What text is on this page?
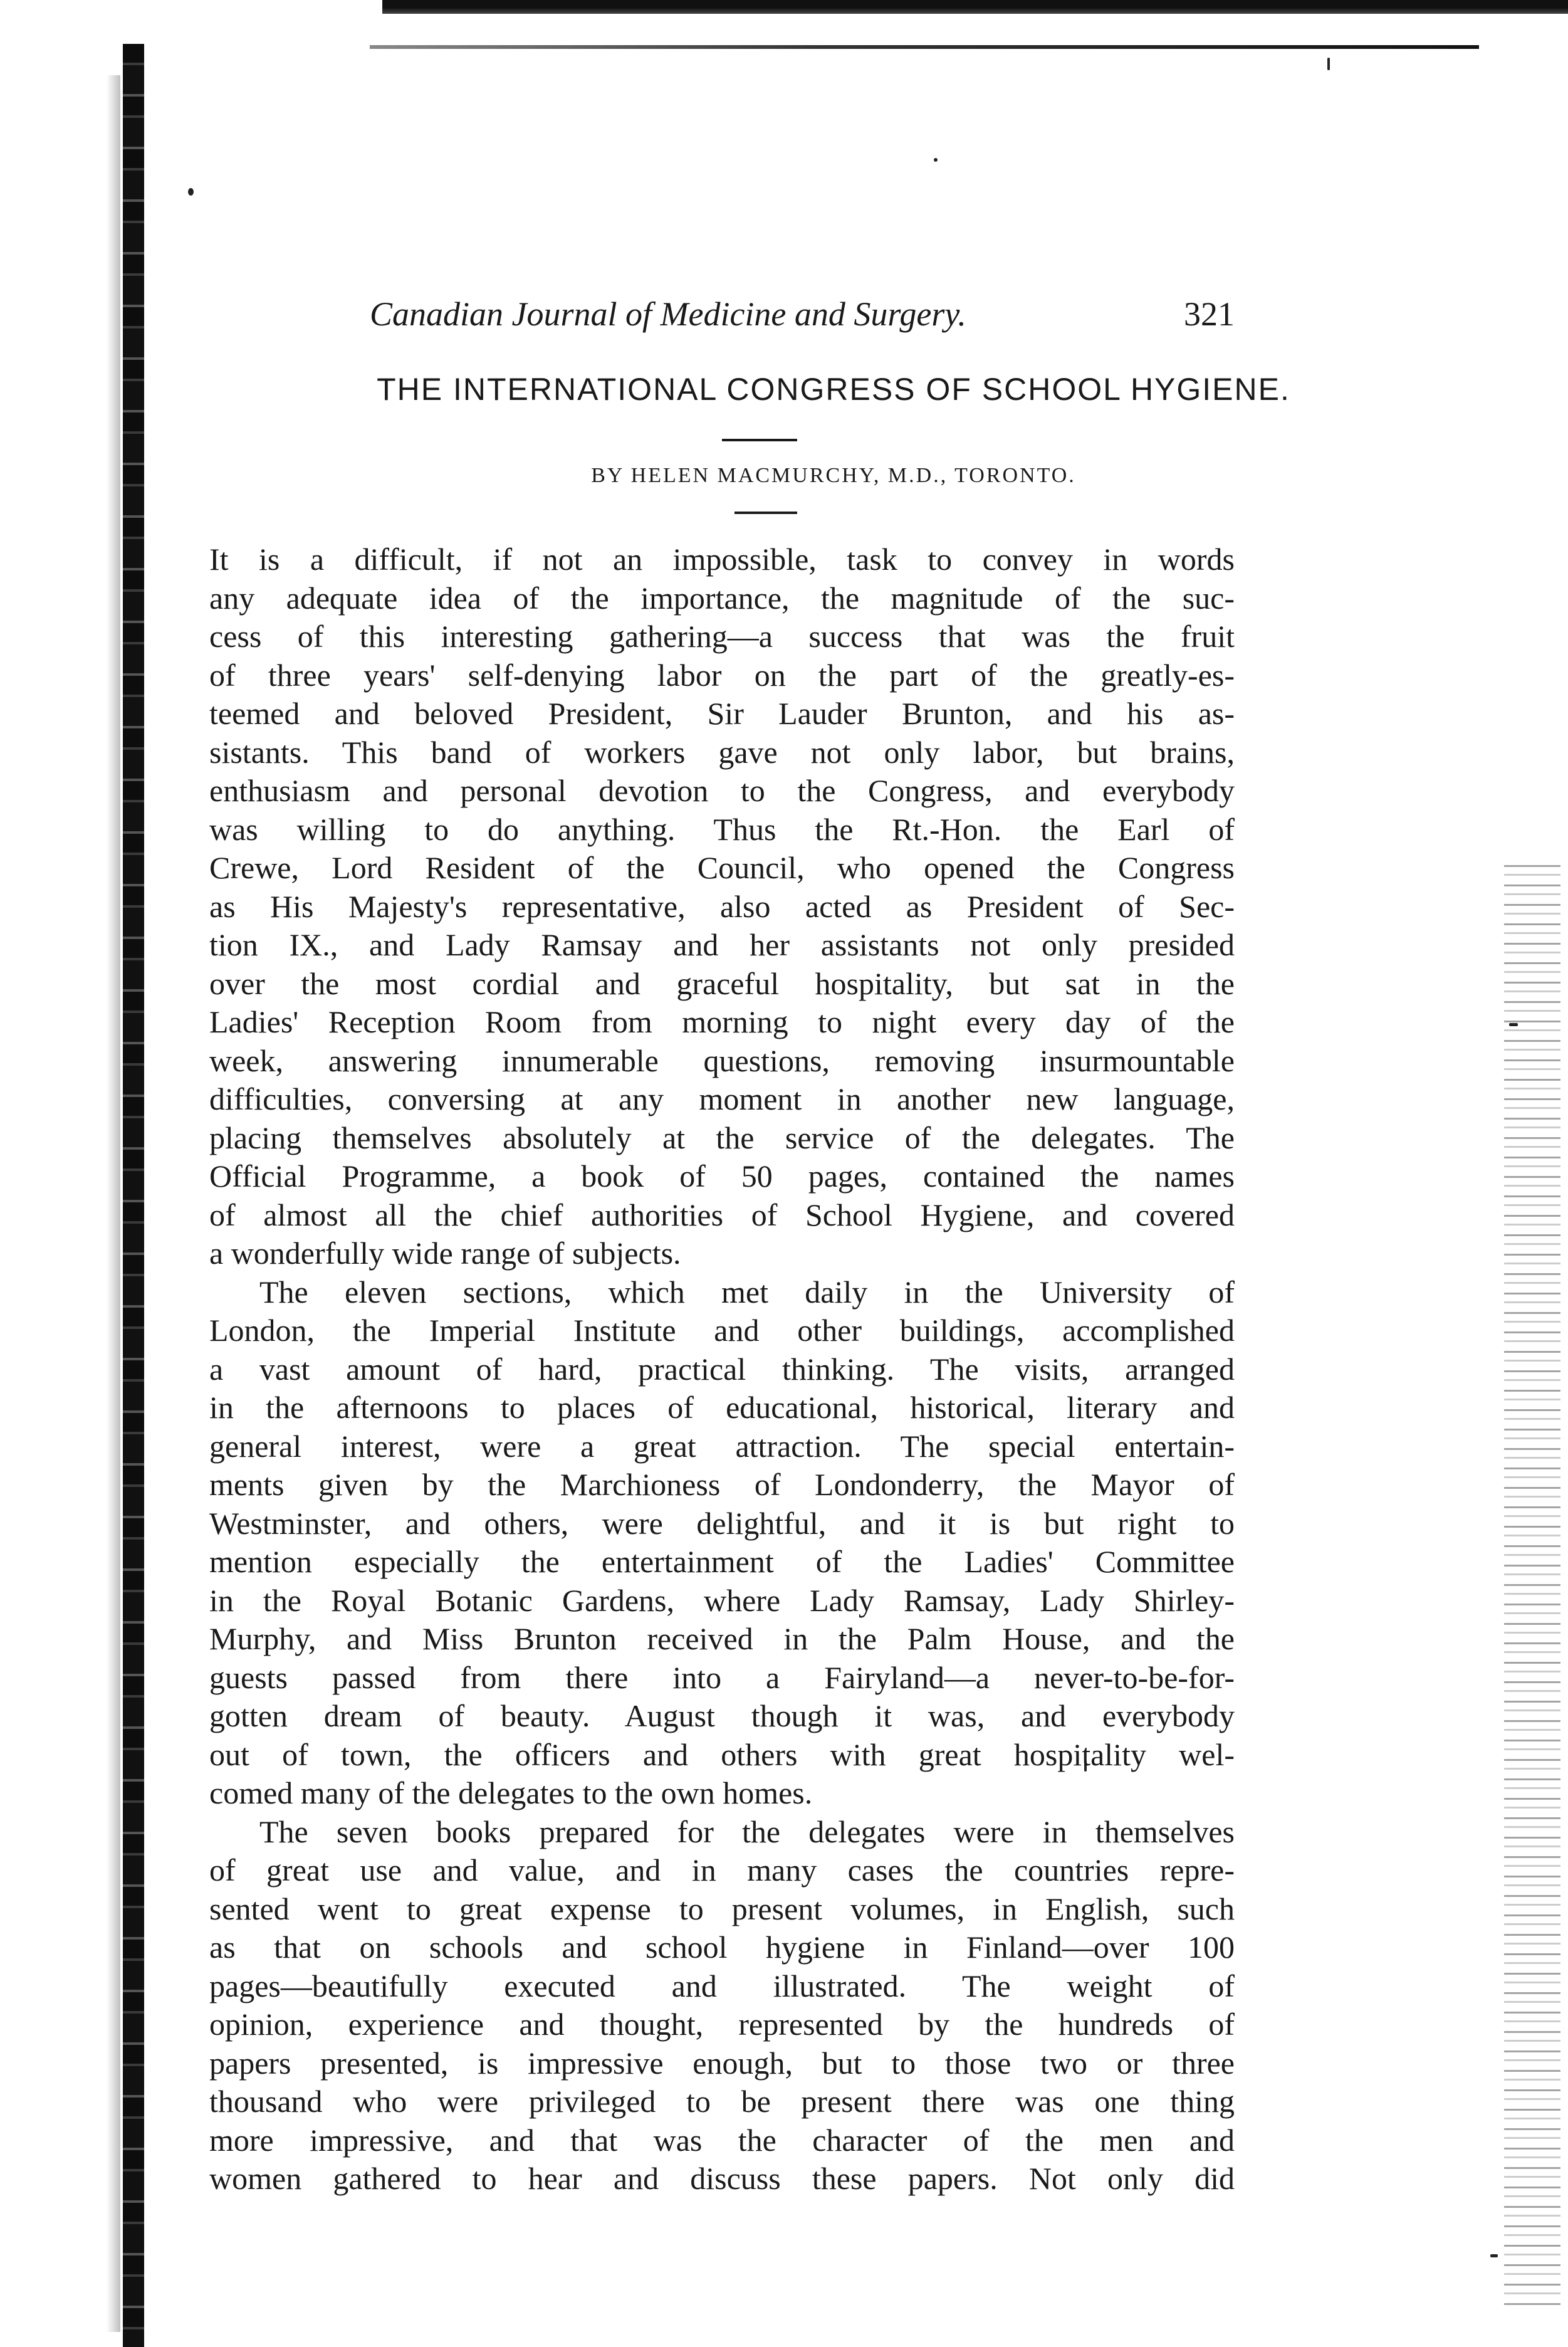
Canadian Journal of Medicine and Surgery.	321
THE INTERNATIONAL CONGRESS OF SCHOOL HYGIENE.
BY HELEN MACMURCHY, M.D., TORONTO.
It is a difficult, if not an impossible, task to convey in words
any adequate idea of the importance, the magnitude of the suc-
cess of this interesting gathering—a success that was the fruit
of three years' self-denying labor on the part of the greatly-es-
teemed and beloved President, Sir Lauder Brunton, and his as-
sistants. This band of workers gave not only labor, but brains,
enthusiasm and personal devotion to the Congress, and everybody
was willing to do anything. Thus the Rt.-Hon. the Earl of
Crewe, Lord Resident of the Council, who opened the Congress
as His Majesty's representative, also acted as President of Sec-
tion IX., and Lady Ramsay and her assistants not only presided
over the most cordial and graceful hospitality, but sat in the
Ladies' Reception Room from morning to night every day of the
week, answering innumerable questions, removing insurmountable
difficulties, conversing at any moment in another new language,
placing themselves absolutely at the service of the delegates. The
Official Programme, a book of 50 pages, contained the names
of almost all the chief authorities of School Hygiene, and covered
a wonderfully wide range of subjects.
The eleven sections, which met daily in the University of
London, the Imperial Institute and other buildings, accomplished
a vast amount of hard, practical thinking. The visits, arranged
in the afternoons to places of educational, historical, literary and
general interest, were a great attraction. The special entertain-
ments given by the Marchioness of Londonderry, the Mayor of
Westminster, and others, were delightful, and it is but right to
mention especially the entertainment of the Ladies' Committee
in the Royal Botanic Gardens, where Lady Ramsay, Lady Shirley-
Murphy, and Miss Brunton received in the Palm House, and the
guests passed from there into a Fairyland—a never-to-be-for-
gotten dream of beauty. August though it was, and everybody
out of town, the officers and others with great hospitality wel-
comed many of the delegates to the own homes.
The seven books prepared for the delegates were in themselves
of great use and value, and in many cases the countries repre-
sented went to great expense to present volumes, in English, such
as that on schools and school hygiene in Finland—over 100
pages—beautifully executed and illustrated. The weight of
opinion, experience and thought, represented by the hundreds of
papers presented, is impressive enough, but to those two or three
thousand who were privileged to be present there was one thing
more impressive, and that was the character of the men and
women gathered to hear and discuss these papers. Not only did
